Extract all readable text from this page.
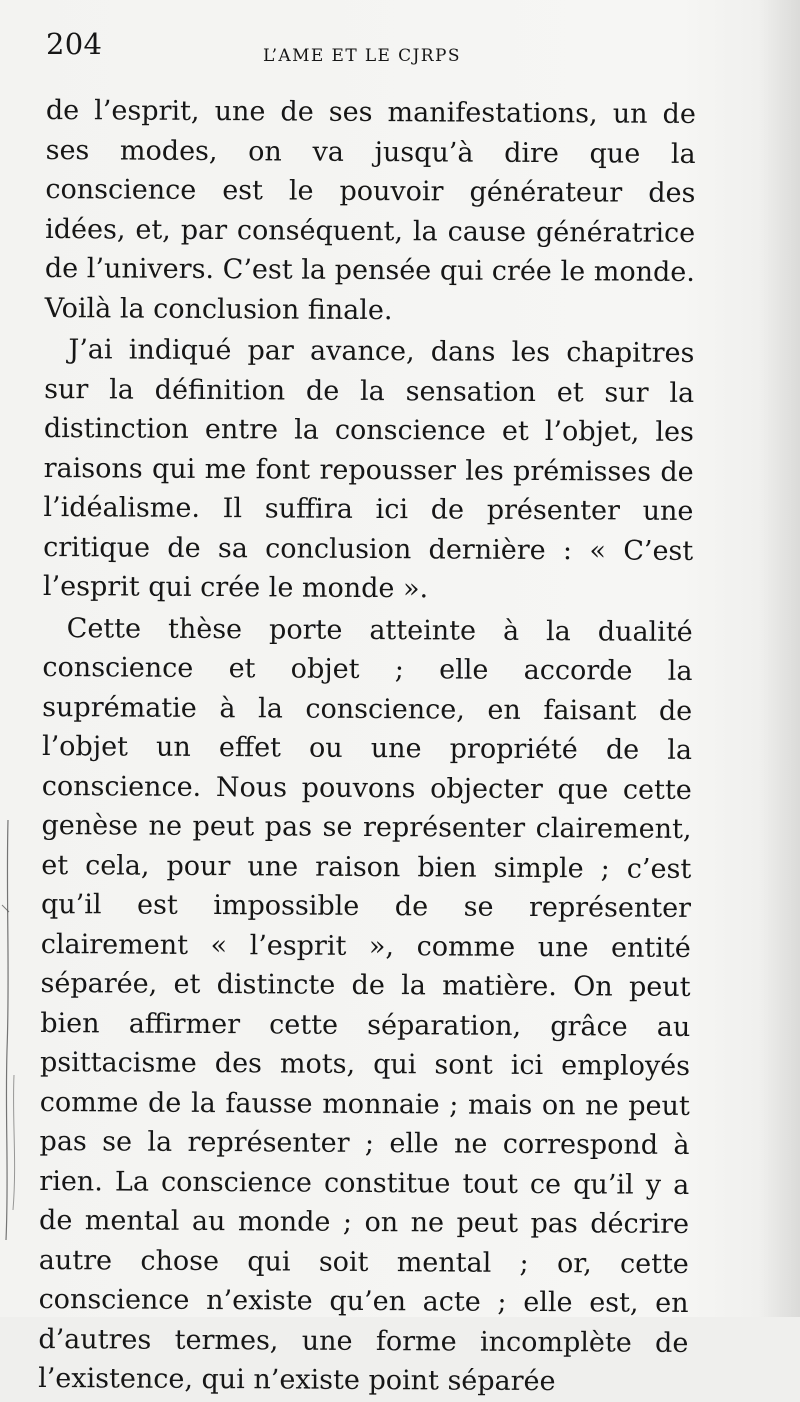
204	L’AME ET LE CJRPS

de l’esprit, une de ses manifestations, un de ses modes, on va jusqu’à dire que la conscience est le pouvoir générateur des idées, et, par conséquent, la cause génératrice de l’univers. C’est la pensée qui crée le monde. Voilà la conclusion finale.

J’ai indiqué par avance, dans les chapitres sur la définition de la sensation et sur la distinction entre la conscience et l’objet, les raisons qui me font repousser les prémisses de l’idéalisme. Il suffira ici de présenter une critique de sa conclusion dernière : « C’est l’esprit qui crée le monde ».

Cette thèse porte atteinte à la dualité conscience et objet ; elle accorde la suprématie à la conscience, en faisant de l’objet un effet ou une propriété de la conscience. Nous pouvons objecter que cette genèse ne peut pas se représenter clairement, et cela, pour une raison bien simple ; c’est qu’il est impossible de se représenter clairement « l’esprit », comme une entité séparée, et distincte de la matière. On peut bien affirmer cette séparation, grâce au psittacisme des mots, qui sont ici employés comme de la fausse monnaie ; mais on ne peut pas se la représenter ; elle ne correspond à rien. La conscience constitue tout ce qu’il y a de mental au monde ; on ne peut pas décrire autre chose qui soit mental ; or, cette conscience n’existe qu’en acte ; elle est, en d’autres termes, une forme incomplète de l’existence, qui n’existe point séparée
